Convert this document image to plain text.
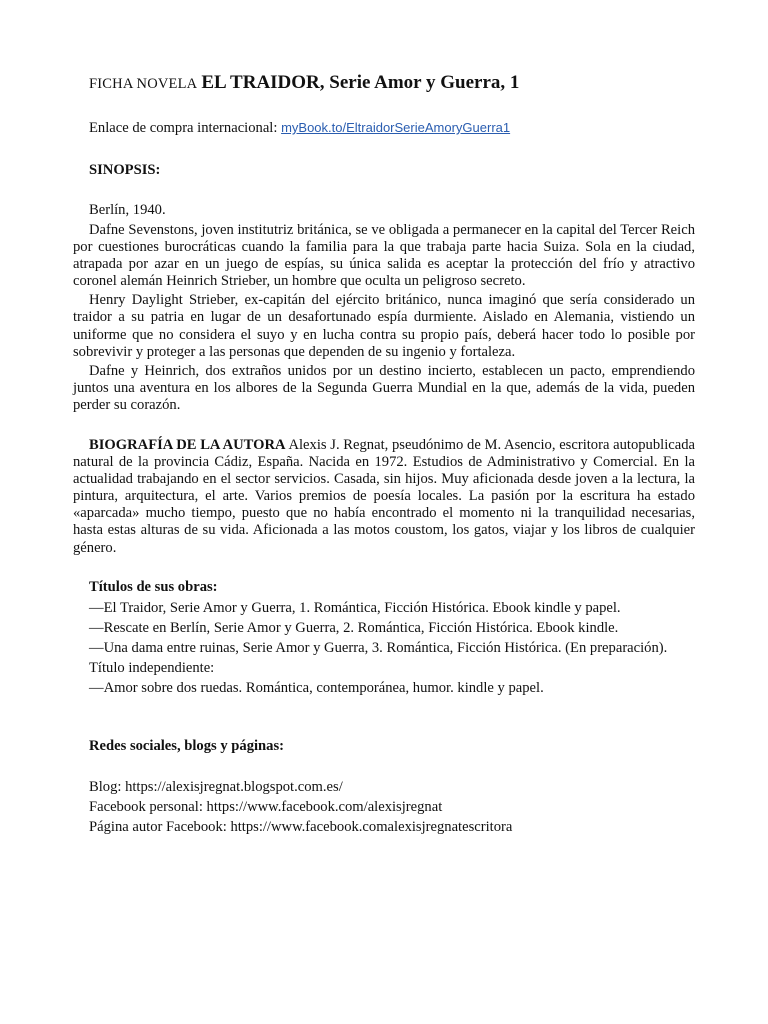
FICHA NOVELA EL TRAIDOR, Serie Amor y Guerra, 1
Enlace de compra internacional: myBook.to/EltraidorSerieAmoryGuerra1
SINOPSIS:
Berlín, 1940.

Dafne Sevenstons, joven institutriz británica, se ve obligada a permanecer en la capital del Tercer Reich por cuestiones burocráticas cuando la familia para la que trabaja parte hacia Suiza. Sola en la ciudad, atrapada por azar en un juego de espías, su única salida es aceptar la protección del frío y atractivo coronel alemán Heinrich Strieber, un hombre que oculta un peligroso secreto.

Henry Daylight Strieber, ex-capitán del ejército británico, nunca imaginó que sería considerado un traidor a su patria en lugar de un desafortunado espía durmiente. Aislado en Alemania, vistiendo un uniforme que no considera el suyo y en lucha contra su propio país, deberá hacer todo lo posible por sobrevivir y proteger a las personas que dependen de su ingenio y fortaleza.

Dafne y Heinrich, dos extraños unidos por un destino incierto, establecen un pacto, emprendiendo juntos una aventura en los albores de la Segunda Guerra Mundial en la que, además de la vida, pueden perder su corazón.

BIOGRAFÍA DE LA AUTORA Alexis J. Regnat, pseudónimo de M. Asencio, escritora autopublicada natural de la provincia Cádiz, España. Nacida en 1972. Estudios de Administrativo y Comercial. En la actualidad trabajando en el sector servicios. Casada, sin hijos. Muy aficionada desde joven a la lectura, la pintura, arquitectura, el arte. Varios premios de poesía locales. La pasión por la escritura ha estado «aparcada» mucho tiempo, puesto que no había encontrado el momento ni la tranquilidad necesarias, hasta estas alturas de su vida. Aficionada a las motos coustom, los gatos, viajar y los libros de cualquier género.

Títulos de sus obras:

—El Traidor, Serie Amor y Guerra, 1. Romántica, Ficción Histórica. Ebook kindle y papel.

—Rescate en Berlín, Serie Amor y Guerra, 2. Romántica, Ficción Histórica. Ebook kindle.

—Una dama entre ruinas, Serie Amor y Guerra, 3. Romántica, Ficción Histórica. (En preparación).

Título independiente:

—Amor sobre dos ruedas. Romántica, contemporánea, humor. kindle y papel.

Redes sociales, blogs y páginas:
Blog: https://alexisjregnat.blogspot.com.es/
Facebook personal: https://www.facebook.com/alexisjregnat
Página autor Facebook: https://www.facebook.comalexisjregnatescritora
